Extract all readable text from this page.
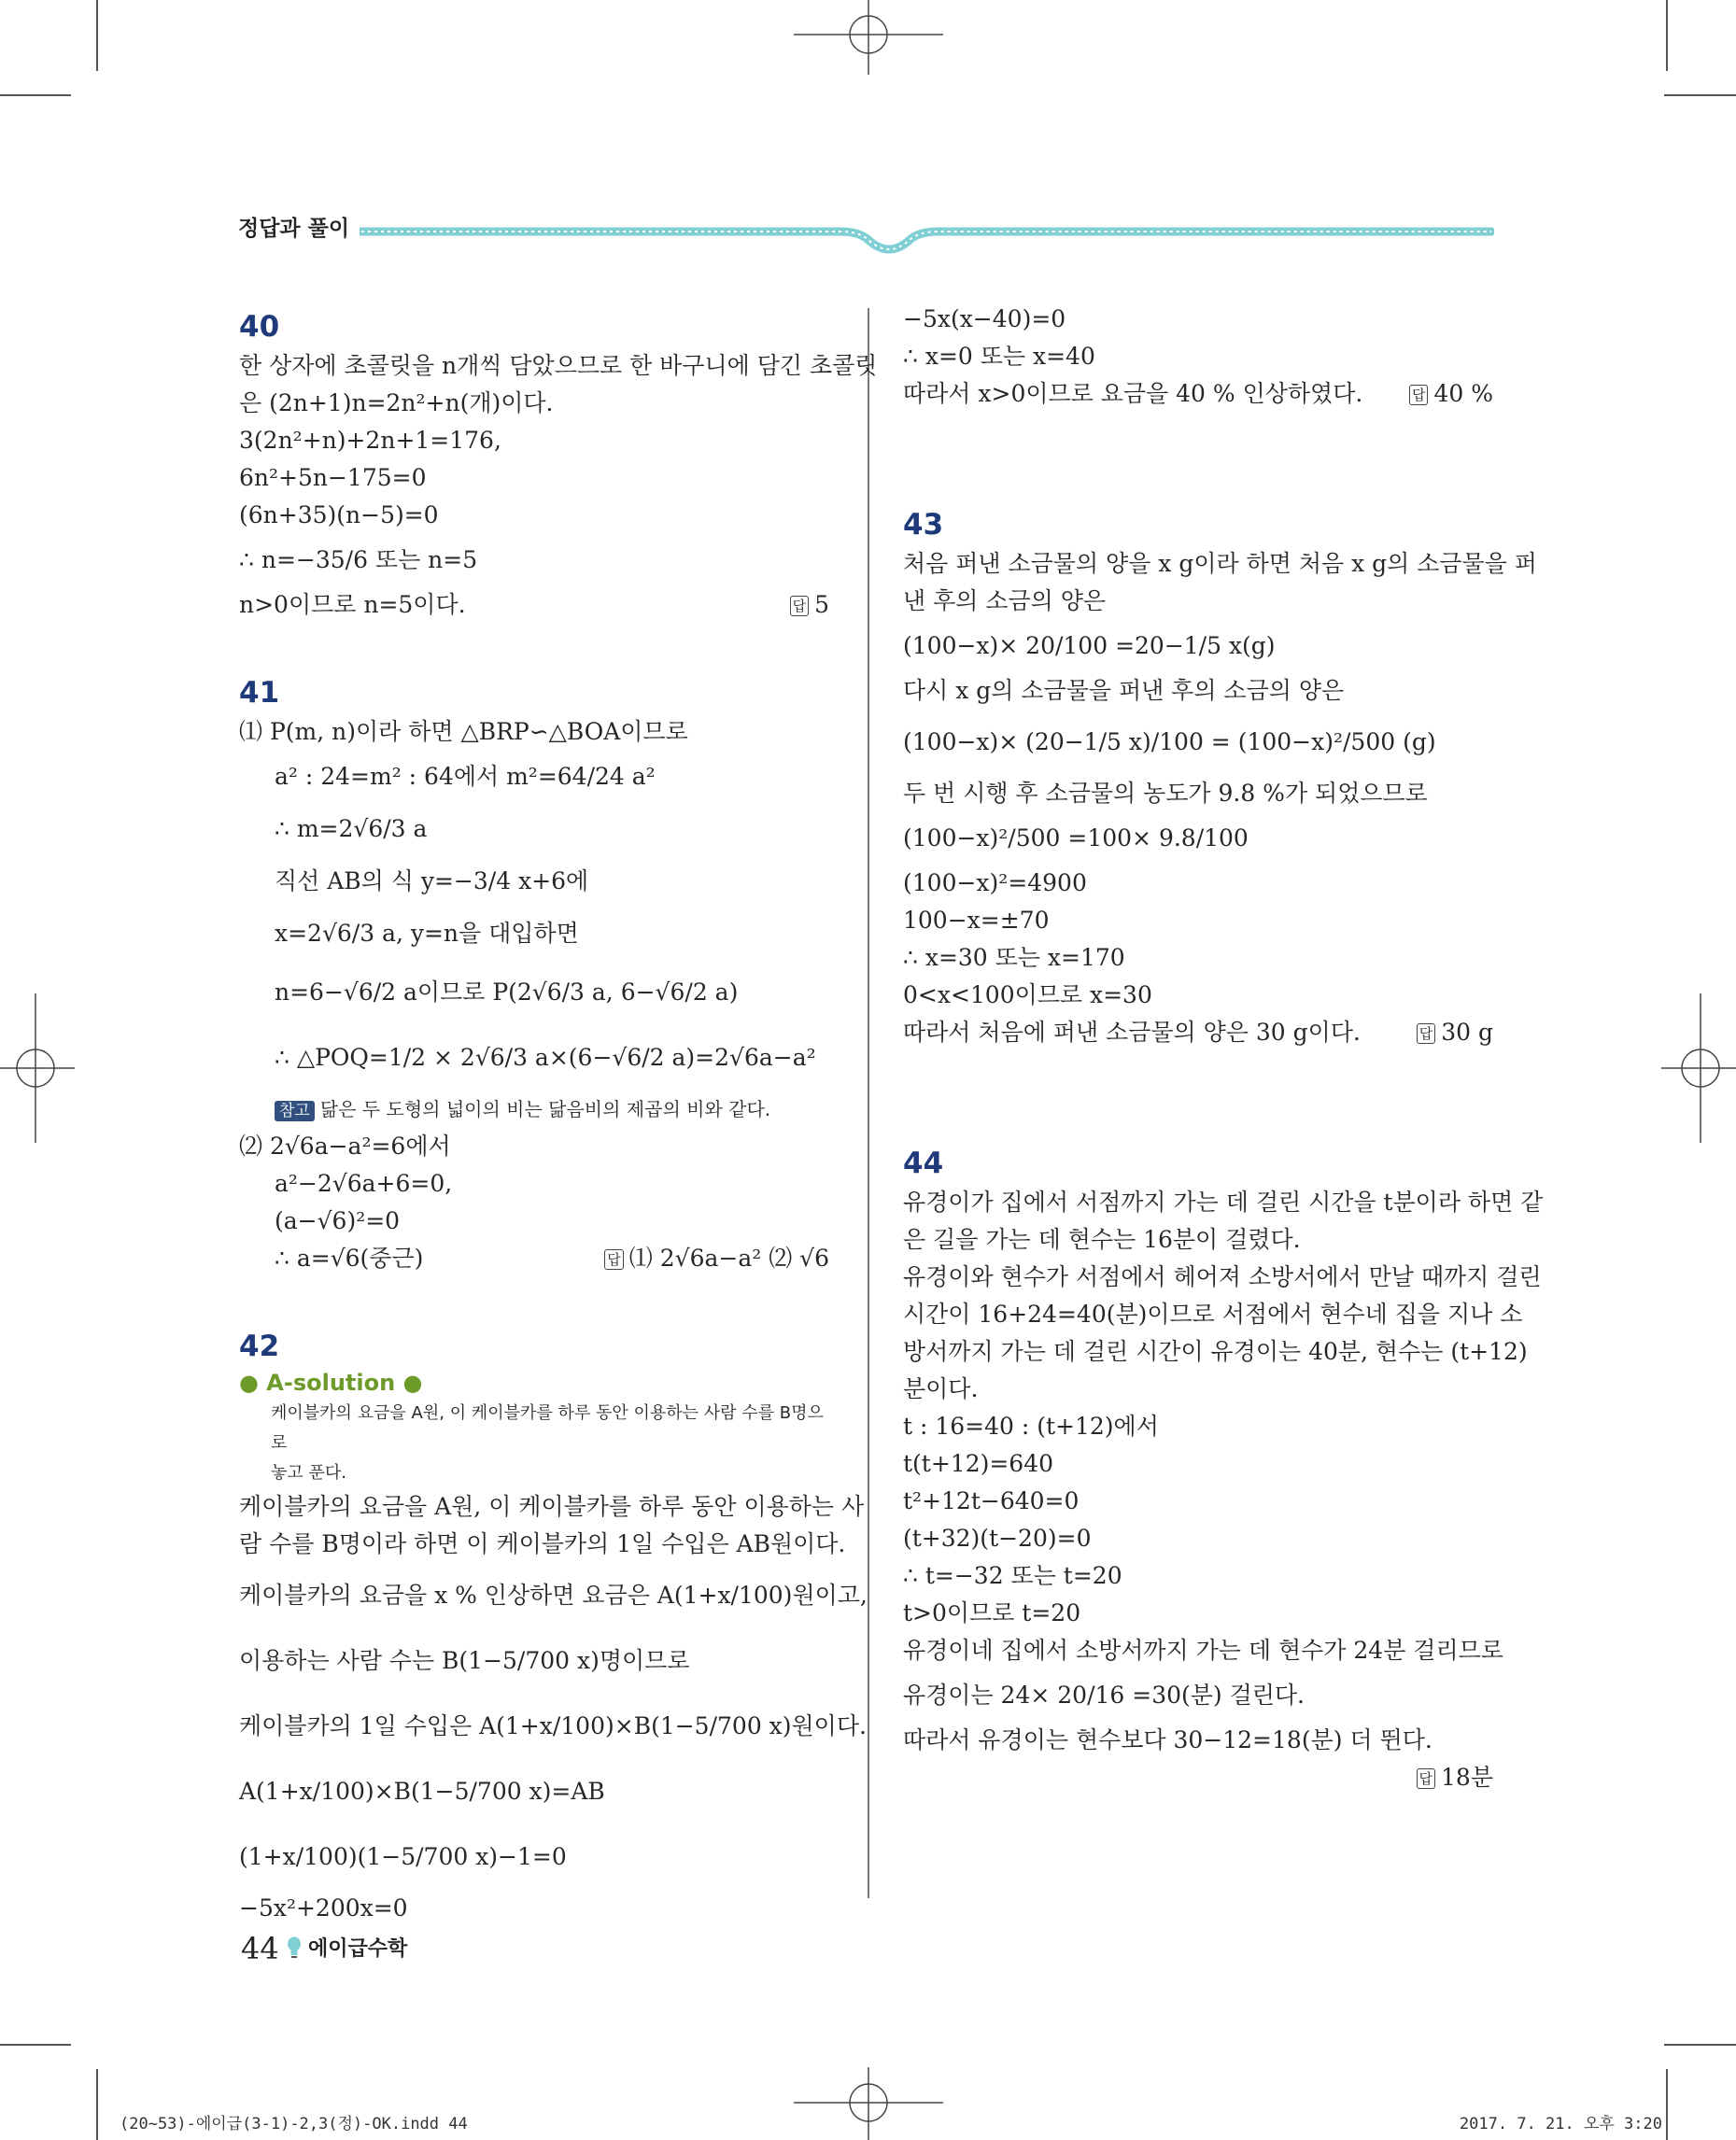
정답과 풀이
40
한 상자에 초콜릿을 n개씩 담았으므로 한 바구니에 담긴 초콜릿
은 (2n+1)n=2n²+n(개)이다.
3(2n²+n)+2n+1=176,
6n²+5n−175=0
(6n+35)(n−5)=0
∴ n=−35/6 또는 n=5
답 5
n>0이므로 n=5이다.
41
⑴ P(m, n)이라 하면 △BRP∽△BOA이므로
a² : 24=m² : 64에서 m²=64/24 a²
∴ m=2√6/3 a
직선 AB의 식 y=−3/4 x+6에
x=2√6/3 a, y=n을 대입하면
n=6−√6/2 a이므로 P(2√6/3 a, 6−√6/2 a)
∴ △POQ=1/2 × 2√6/3 a×(6−√6/2 a)=2√6a−a²
참고 닮은 두 도형의 넓이의 비는 닮음비의 제곱의 비와 같다.
⑵ 2√6a−a²=6에서
a²−2√6a+6=0,
(a−√6)²=0
답 ⑴ 2√6a−a² ⑵ √6
∴ a=√6(중근)
42
● A-solution ●
케이블카의 요금을 A원, 이 케이블카를 하루 동안 이용하는 사람 수를 B명으로
놓고 푼다.
케이블카의 요금을 A원, 이 케이블카를 하루 동안 이용하는 사
람 수를 B명이라 하면 이 케이블카의 1일 수입은 AB원이다.
케이블카의 요금을 x % 인상하면 요금은 A(1+x/100)원이고,
이용하는 사람 수는 B(1−5/700 x)명이므로
케이블카의 1일 수입은 A(1+x/100)×B(1−5/700 x)원이다.
A(1+x/100)×B(1−5/700 x)=AB
(1+x/100)(1−5/700 x)−1=0
−5x²+200x=0
−5x(x−40)=0
∴ x=0 또는 x=40
답 40 %
따라서 x>0이므로 요금을 40 % 인상하였다.
43
처음 퍼낸 소금물의 양을 x g이라 하면 처음 x g의 소금물을 퍼
낸 후의 소금의 양은
(100−x)× 20/100 =20−1/5 x(g)
다시 x g의 소금물을 퍼낸 후의 소금의 양은
(100−x)× (20−1/5 x)/100 = (100−x)²/500 (g)
두 번 시행 후 소금물의 농도가 9.8 %가 되었으므로
(100−x)²/500 =100× 9.8/100
(100−x)²=4900
100−x=±70
∴ x=30 또는 x=170
0<x<100이므로 x=30
답 30 g
따라서 처음에 퍼낸 소금물의 양은 30 g이다.
44
유경이가 집에서 서점까지 가는 데 걸린 시간을 t분이라 하면 같
은 길을 가는 데 현수는 16분이 걸렸다.
유경이와 현수가 서점에서 헤어져 소방서에서 만날 때까지 걸린
시간이 16+24=40(분)이므로 서점에서 현수네 집을 지나 소
방서까지 가는 데 걸린 시간이 유경이는 40분, 현수는 (t+12)
분이다.
t : 16=40 : (t+12)에서
t(t+12)=640
t²+12t−640=0
(t+32)(t−20)=0
∴ t=−32 또는 t=20
t>0이므로 t=20
유경이네 집에서 소방서까지 가는 데 현수가 24분 걸리므로
유경이는 24× 20/16 =30(분) 걸린다.
따라서 유경이는 현수보다 30−12=18(분) 더 뛴다.
답 18분
44 에이급수학
(20~53)-에이급(3-1)-2,3(정)-OK.indd 44	2017. 7. 21. 오후 3:20
